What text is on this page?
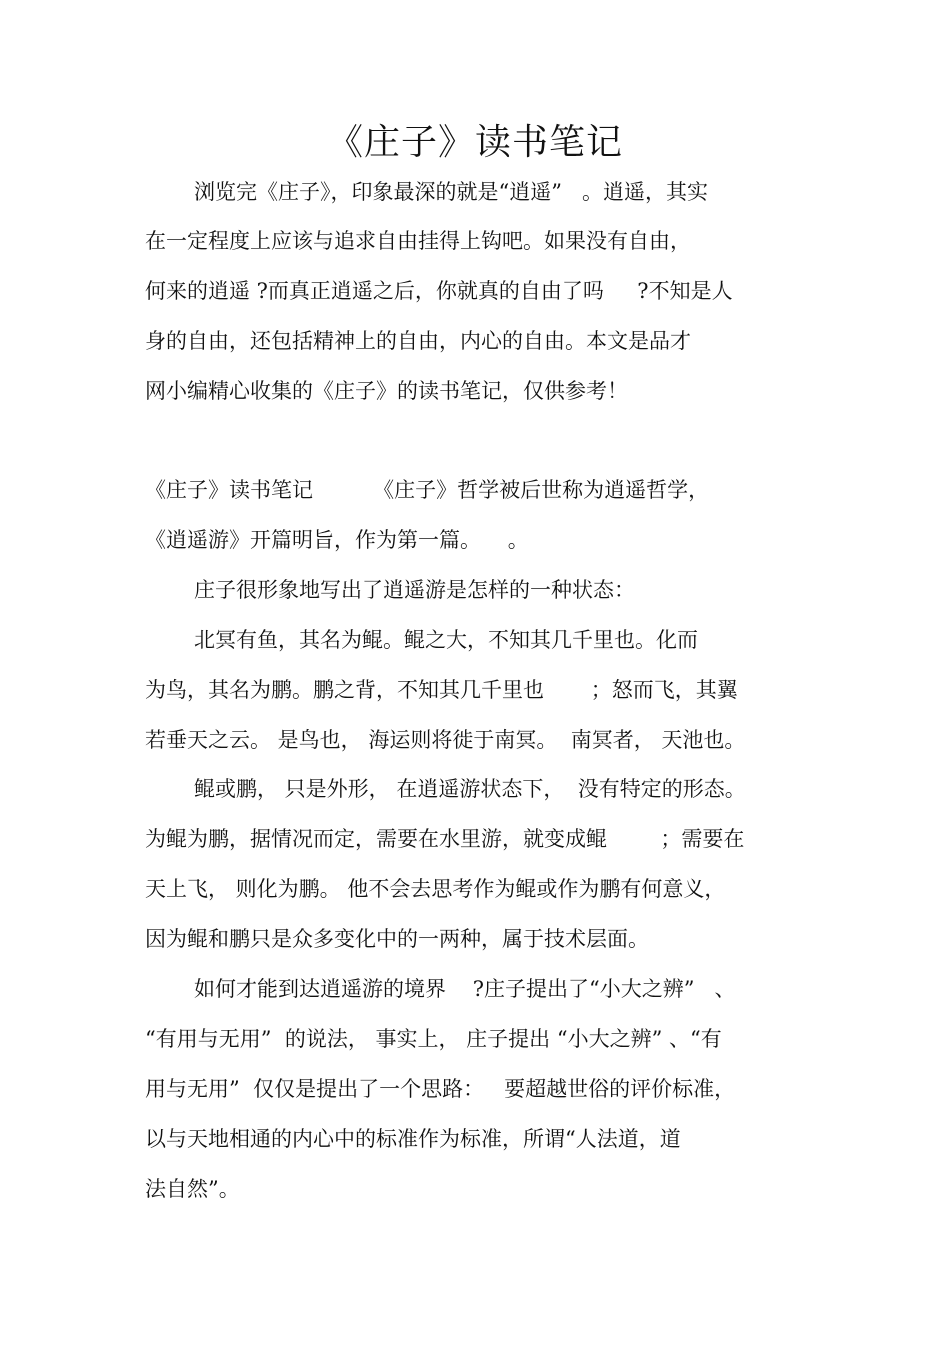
《庄子》读书笔记
浏览完《庄子》，印象最深的就是“逍遥”   。逍遥，其实
在一定程度上应该与追求自由挂得上钩吧。如果没有自由，
何来的逍遥 ?而真正逍遥之后，你就真的自由了吗     ?不知是人
身的自由，还包括精神上的自由，内心的自由。本文是品才
网小编精心收集的《庄子》的读书笔记，仅供参考！
《庄子》读书笔记         《庄子》哲学被后世称为逍遥哲学，
《逍遥游》开篇明旨，作为第一篇。    。
庄子很形象地写出了逍遥游是怎样的一种状态：
北冥有鱼，其名为鲲。鲲之大，不知其几千里也。化而
为鸟，其名为鹏。鹏之背，不知其几千里也       ；怒而飞，其翼
若垂天之云。 是鸟也， 海运则将徙于南冥。  南冥者， 天池也。
鲲或鹏， 只是外形， 在逍遥游状态下，  没有特定的形态。
为鲲为鹏，据情况而定，需要在水里游，就变成鲲        ；需要在
天上飞， 则化为鹏。 他不会去思考作为鲲或作为鹏有何意义，
因为鲲和鹏只是众多变化中的一两种，属于技术层面。
如何才能到达逍遥游的境界    ?庄子提出了“小大之辨”   、
“有用与无用”  的说法， 事实上， 庄子提出 “小大之辨” 、“有
用与无用”  仅仅是提出了一个思路：   要超越世俗的评价标准，
以与天地相通的内心中的标准作为标准，所谓“人法道，道
法自然”。
